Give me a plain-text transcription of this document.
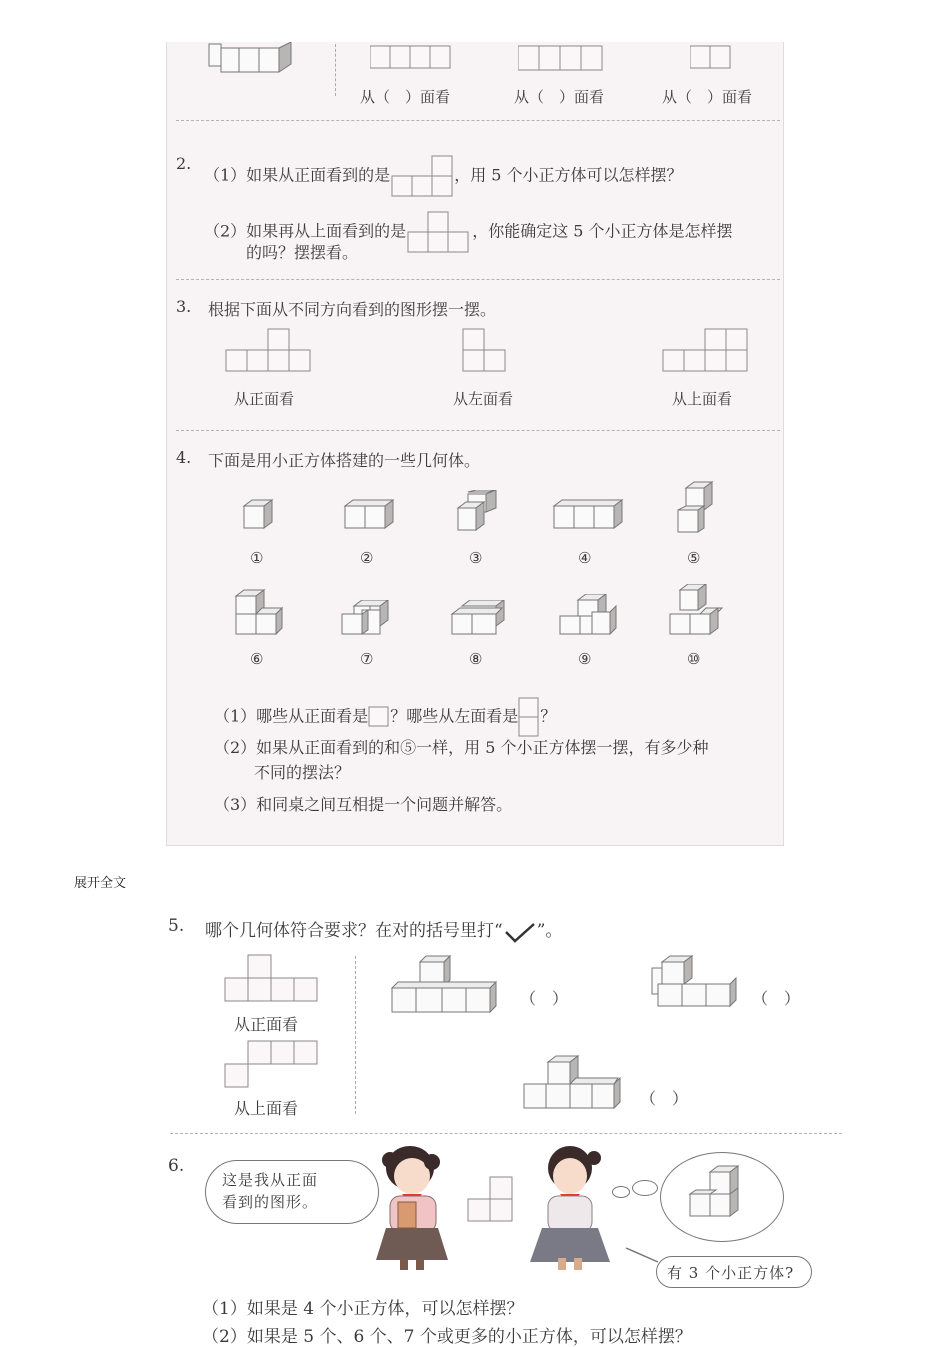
从（　）面看	从（　）面看	从（　）面看
2.
（1）如果从正面看到的是	，用 5 个小正方体可以怎样摆？
（2）如果再从上面看到的是	，你能确定这 5 个小正方体是怎样摆
的吗？摆摆看。
3. 根据下面从不同方向看到的图形摆一摆。
从正面看	从左面看	从上面看
4. 下面是用小正方体搭建的一些几何体。
①	②	③	④	⑤
⑥	⑦	⑧	⑨	⑩
（1）哪些从正面看是 ？哪些从左面看是 ？
（2）如果从正面看到的和⑤一样，用 5 个小正方体摆一摆，有多少种
不同的摆法？
（3）和同桌之间互相提一个问题并解答。
展开全文
5. 哪个几何体符合要求？在对的括号里打“ ”。
从正面看
从上面看
（　）	（　）
（　）
6.
这是我从正面
看到的图形。
有 3 个小正方体?
（1）如果是 4 个小正方体，可以怎样摆？
（2）如果是 5 个、6 个、7 个或更多的小正方体，可以怎样摆？
